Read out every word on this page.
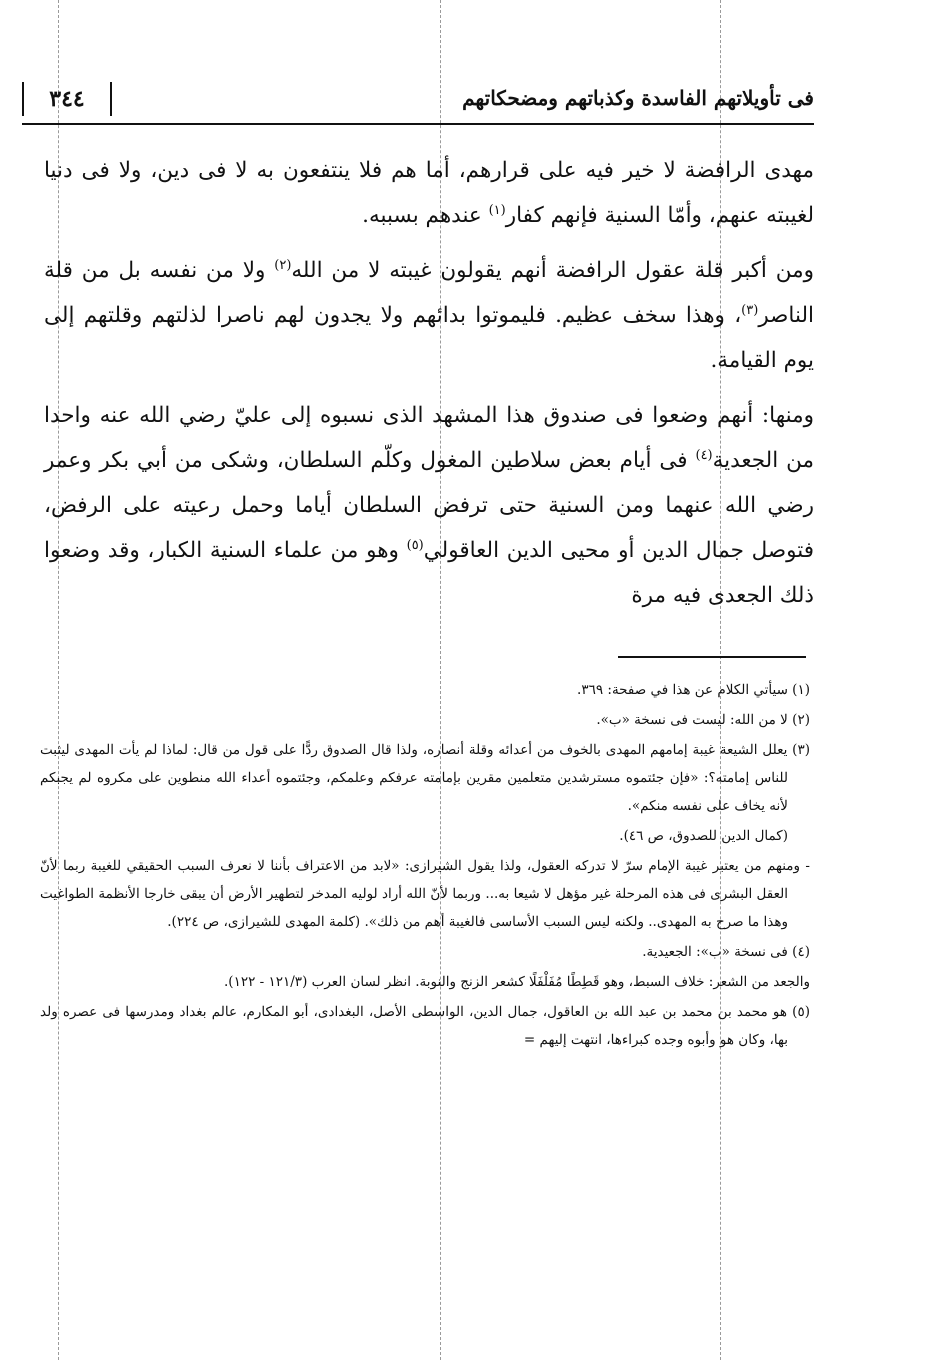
فى تأويلاتهم الفاسدة وكذباتهم ومضحكاتهم
٣٤٤

مهدى الرافضة لا خير فيه على قرارهم، أما هم فلا ينتفعون به لا فى دين، ولا فى دنيا لغيبته عنهم، وأمّا السنية فإنهم كفار$^{(١)}$ عندهم بسببه.

ومن أكبر قلة عقول الرافضة أنهم يقولون غيبته لا من الله$^{(٢)}$ ولا من نفسه بل من قلة الناصر$^{(٣)}$، وهذا سخف عظيم. فليموتوا بدائهم ولا يجدون لهم ناصرا لذلتهم وقلتهم إلى يوم القيامة.

ومنها: أنهم وضعوا فى صندوق هذا المشهد الذى نسبوه إلى عليّ رضي الله عنه واحدا من الجعدية$^{(٤)}$ فى أيام بعض سلاطين المغول وكلّم السلطان، وشكى من أبي بكر وعمر رضي الله عنهما ومن السنية حتى ترفض السلطان أياما وحمل رعيته على الرفض، فتوصل جمال الدين أو محيى الدين العاقولي$^{(٥)}$ وهو من علماء السنية الكبار، وقد وضعوا ذلك الجعدى فيه مرة

(١) سيأتي الكلام عن هذا في صفحة: ٣٦٩.

(٢) لا من الله: ليست فى نسخة «ب».

(٣) يعلل الشيعة غيبة إمامهم المهدى بالخوف من أعدائه وقلة أنصاره، ولذا قال الصدوق ردًّا على قول من قال: لماذا لم يأت المهدى ليثبت للناس إمامته؟: «فإن جئتموه مسترشدين متعلمين مقرين بإمامته عرفكم وعلمكم، وجئتموه أعداء الله منطوين على مكروه لم يجبكم لأنه يخاف على نفسه منكم».

(كمال الدين للصدوق، ص ٤٦).

- ومنهم من يعتبر غيبة الإمام سرّ لا تدركه العقول، ولذا يقول الشيرازى: «لابد من الاعتراف بأننا لا نعرف السبب الحقيقي للغيبة ربما لأنّ العقل البشرى فى هذه المرحلة غير مؤهل لا شيعا به... وربما لأنّ الله أراد لوليه المدخر لتطهير الأرض أن يبقى خارجا الأنظمة الطواغيت وهذا ما صرح به المهدى.. ولكنه ليس السبب الأساسى فالغيبة أهم من ذلك». (كلمة المهدى للشيرازى، ص ٢٢٤).

(٤) فى نسخة «ب»: الجعيدية.

والجعد من الشعر: خلاف السبط، وهو قَطِطًا مُفَلْفَلًا كشعر الزنج والنوبة. انظر لسان العرب (١٢١/٣ - ١٢٢).

(٥) هو محمد بن محمد بن عبد الله بن العاقول، جمال الدين، الواسطى الأصل، البغدادى، أبو المكارم، عالم بغداد ومدرسها فى عصره ولد بها، وكان هو وأبوه وجده كبراءها، انتهت إليهم =
